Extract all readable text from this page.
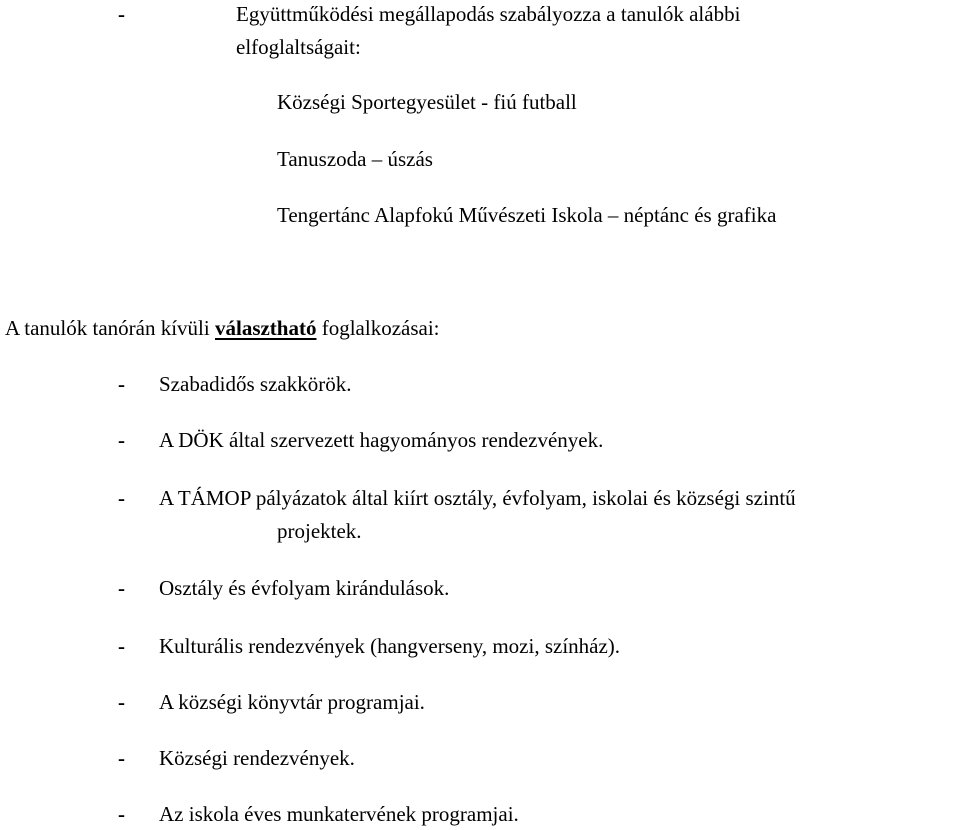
-	Együttműködési megállapodás szabályozza a tanulók alábbi
elfoglaltságait:
Községi Sportegyesület - fiú futball
Tanuszoda – úszás
Tengertánc Alapfokú Művészeti Iskola – néptánc és grafika
A tanulók tanórán kívüli választható foglalkozásai:
- Szabadidős szakkörök.
- A DÖK által szervezett hagyományos rendezvények.
- A TÁMOP pályázatok által kiírt osztály, évfolyam, iskolai és községi szintű
projektek.
- Osztály és évfolyam kirándulások.
- Kulturális rendezvények (hangverseny, mozi, színház).
- A községi könyvtár programjai.
- Községi rendezvények.
- Az iskola éves munkatervének programjai.
